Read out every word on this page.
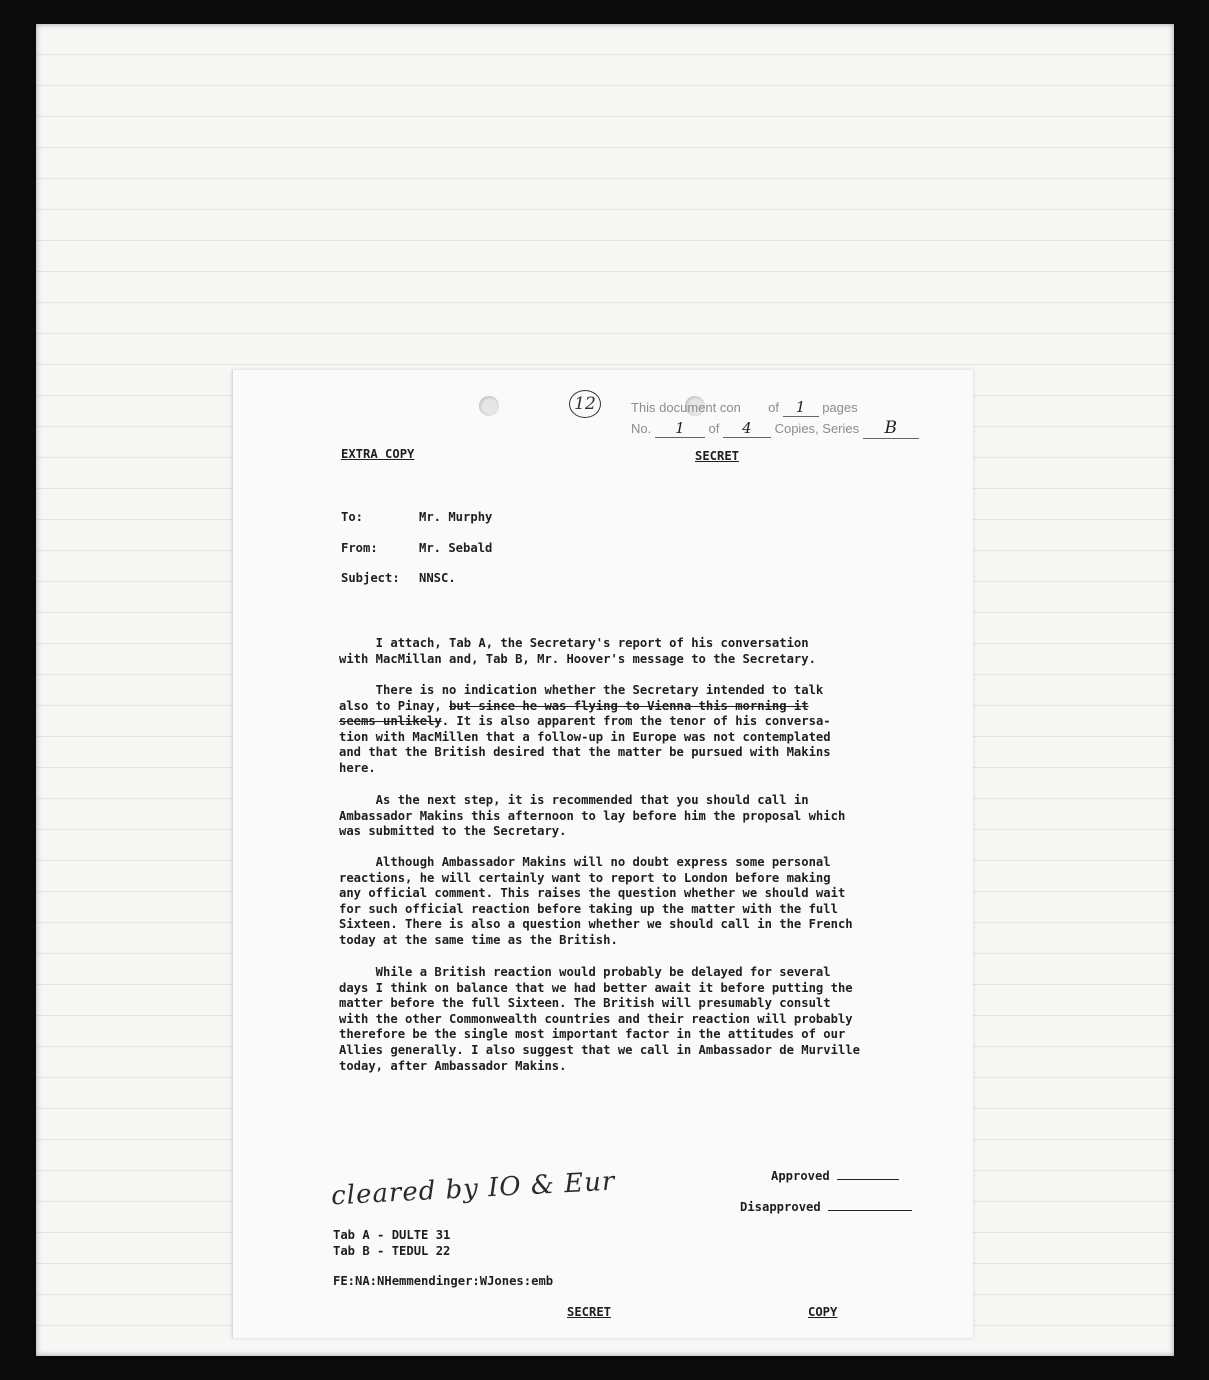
12	This document con of 1 pages
No. 1 of 4 Copies, Series B
EXTRA COPY	SECRET
To:	Mr. Murphy
From:	Mr. Sebald
Subject: NNSC.
I attach, Tab A, the Secretary's report of his conversation
with MacMillan and, Tab B, Mr. Hoover's message to the Secretary.
There is no indication whether the Secretary intended to talk
also to Pinay, but since he was flying to Vienna this morning it
seems unlikely. It is also apparent from the tenor of his conversa-
tion with MacMillen that a follow-up in Europe was not contemplated
and that the British desired that the matter be pursued with Makins
here.
As the next step, it is recommended that you should call in
Ambassador Makins this afternoon to lay before him the proposal which
was submitted to the Secretary.
Although Ambassador Makins will no doubt express some personal
reactions, he will certainly want to report to London before making
any official comment. This raises the question whether we should wait
for such official reaction before taking up the matter with the full
Sixteen. There is also a question whether we should call in the French
today at the same time as the British.
While a British reaction would probably be delayed for several
days I think on balance that we had better await it before putting the
matter before the full Sixteen. The British will presumably consult
with the other Commonwealth countries and their reaction will probably
therefore be the single most important factor in the attitudes of our
Allies generally. I also suggest that we call in Ambassador de Murville
today, after Ambassador Makins.
cleared by IO & Eur	Approved
Disapproved
Tab A - DULTE 31
Tab B - TEDUL 22
FE:NA:NHemmendinger:WJones:emb
SECRET	COPY
